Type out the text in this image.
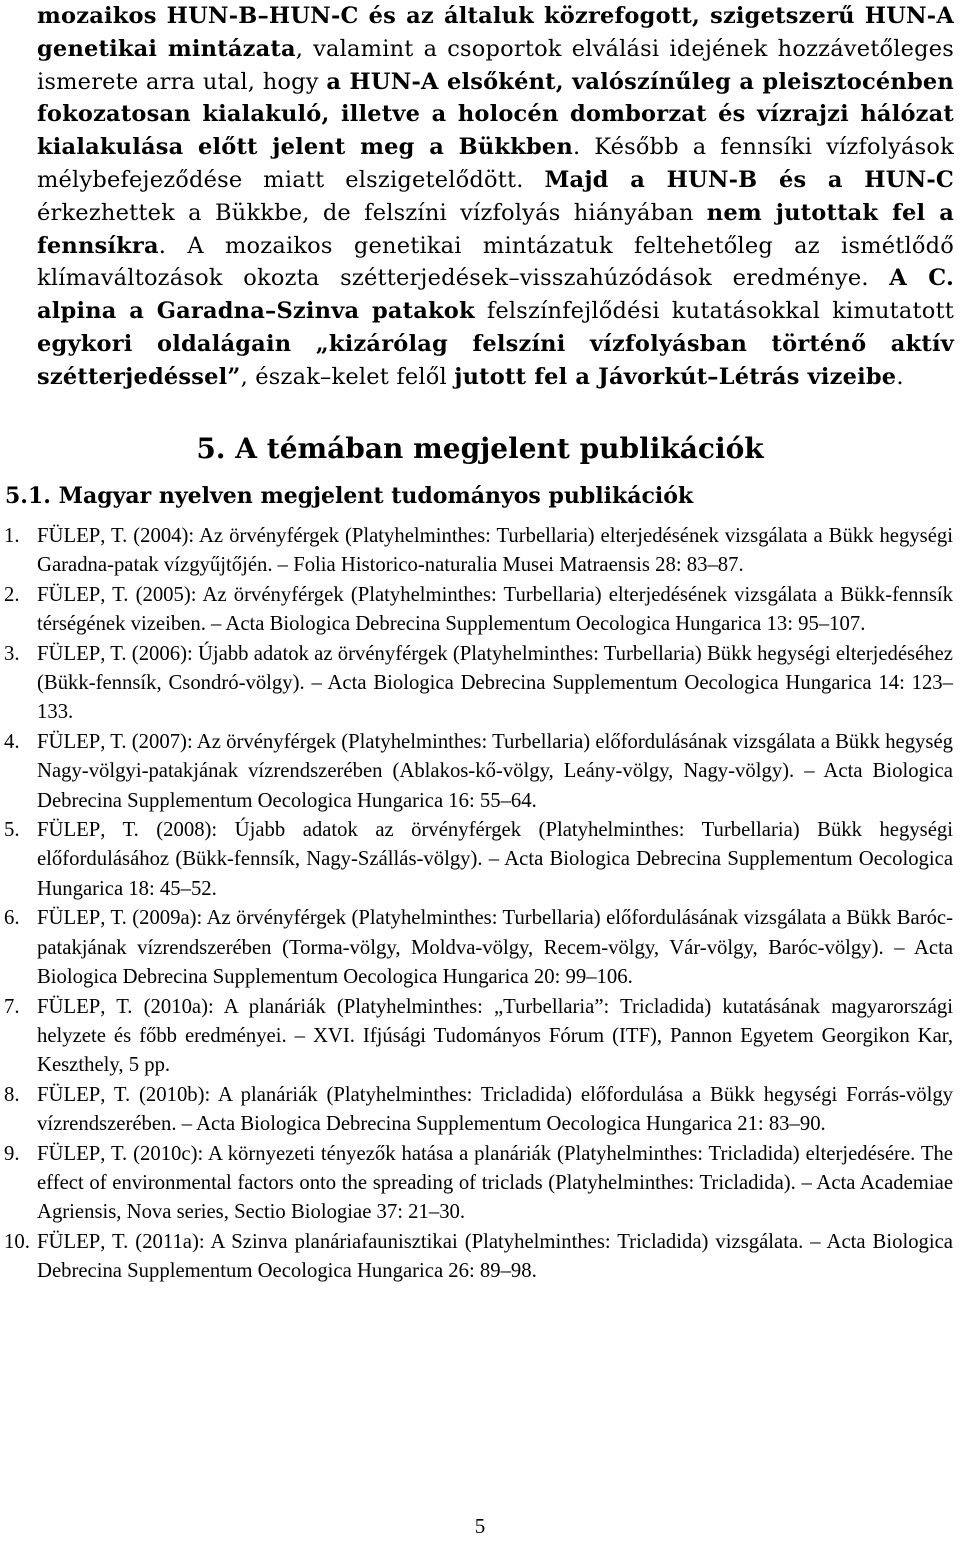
mozaikos HUN-B–HUN-C és az általuk közrefogott, szigetszerű HUN-A genetikai mintázata, valamint a csoportok elválási idejének hozzávetőleges ismerete arra utal, hogy a HUN-A elsőként, valószínűleg a pleisztocénben fokozatosan kialakuló, illetve a holocén domborzat és vízrajzi hálózat kialakulása előtt jelent meg a Bükkben. Később a fennsíki vízfolyások mélybefejeződése miatt elszigetelődött. Majd a HUN-B és a HUN-C érkezhettek a Bükkbe, de felszíni vízfolyás hiányában nem jutottak fel a fennsíkra. A mozaikos genetikai mintázatuk feltehetőleg az ismétlődő klímaváltozások okozta szétterjedések–visszahúzódások eredménye. A C. alpina a Garadna–Szinva patakok felszínfejlődési kutatásokkal kimutatott egykori oldalágain „kizárólag felszíni vízfolyásban történő aktív szétterjedéssel”, észak–kelet felől jutott fel a Jávorkút–Létrás vizeibe.

5. A témában megjelent publikációk
5.1. Magyar nyelven megjelent tudományos publikációk
1. FÜLEP, T. (2004): Az örvényférgek (Platyhelminthes: Turbellaria) elterjedésének vizsgálata a Bükk hegységi Garadna-patak vízgyűjtőjén. – Folia Historico-naturalia Musei Matraensis 28: 83–87.
2. FÜLEP, T. (2005): Az örvényférgek (Platyhelminthes: Turbellaria) elterjedésének vizsgálata a Bükk-fennsík térségének vizeiben. – Acta Biologica Debrecina Supplementum Oecologica Hungarica 13: 95–107.
3. FÜLEP, T. (2006): Újabb adatok az örvényférgek (Platyhelminthes: Turbellaria) Bükk hegységi elterjedéséhez (Bükk-fennsík, Csondró-völgy). – Acta Biologica Debrecina Supplementum Oecologica Hungarica 14: 123–133.
4. FÜLEP, T. (2007): Az örvényférgek (Platyhelminthes: Turbellaria) előfordulásának vizsgálata a Bükk hegység Nagy-völgyi-patakjának vízrendszerében (Ablakos-kő-völgy, Leány-völgy, Nagy-völgy). – Acta Biologica Debrecina Supplementum Oecologica Hungarica 16: 55–64.
5. FÜLEP, T. (2008): Újabb adatok az örvényférgek (Platyhelminthes: Turbellaria) Bükk hegységi előfordulásához (Bükk-fennsík, Nagy-Szállás-völgy). – Acta Biologica Debrecina Supplementum Oecologica Hungarica 18: 45–52.
6. FÜLEP, T. (2009a): Az örvényférgek (Platyhelminthes: Turbellaria) előfordulásának vizsgálata a Bükk Baróc-patakjának vízrendszerében (Torma-völgy, Moldva-völgy, Recem-völgy, Vár-völgy, Baróc-völgy). – Acta Biologica Debrecina Supplementum Oecologica Hungarica 20: 99–106.
7. FÜLEP, T. (2010a): A planáriák (Platyhelminthes: „Turbellaria”: Tricladida) kutatásának magyarországi helyzete és főbb eredményei. – XVI. Ifjúsági Tudományos Fórum (ITF), Pannon Egyetem Georgikon Kar, Keszthely, 5 pp.
8. FÜLEP, T. (2010b): A planáriák (Platyhelminthes: Tricladida) előfordulása a Bükk hegységi Forrás-völgy vízrendszerében. – Acta Biologica Debrecina Supplementum Oecologica Hungarica 21: 83–90.
9. FÜLEP, T. (2010c): A környezeti tényezők hatása a planáriák (Platyhelminthes: Tricladida) elterjedésére. The effect of environmental factors onto the spreading of triclads (Platyhelminthes: Tricladida). – Acta Academiae Agriensis, Nova series, Sectio Biologiae 37: 21–30.
10. FÜLEP, T. (2011a): A Szinva planáriafaunisztikai (Platyhelminthes: Tricladida) vizsgálata. – Acta Biologica Debrecina Supplementum Oecologica Hungarica 26: 89–98.
5
